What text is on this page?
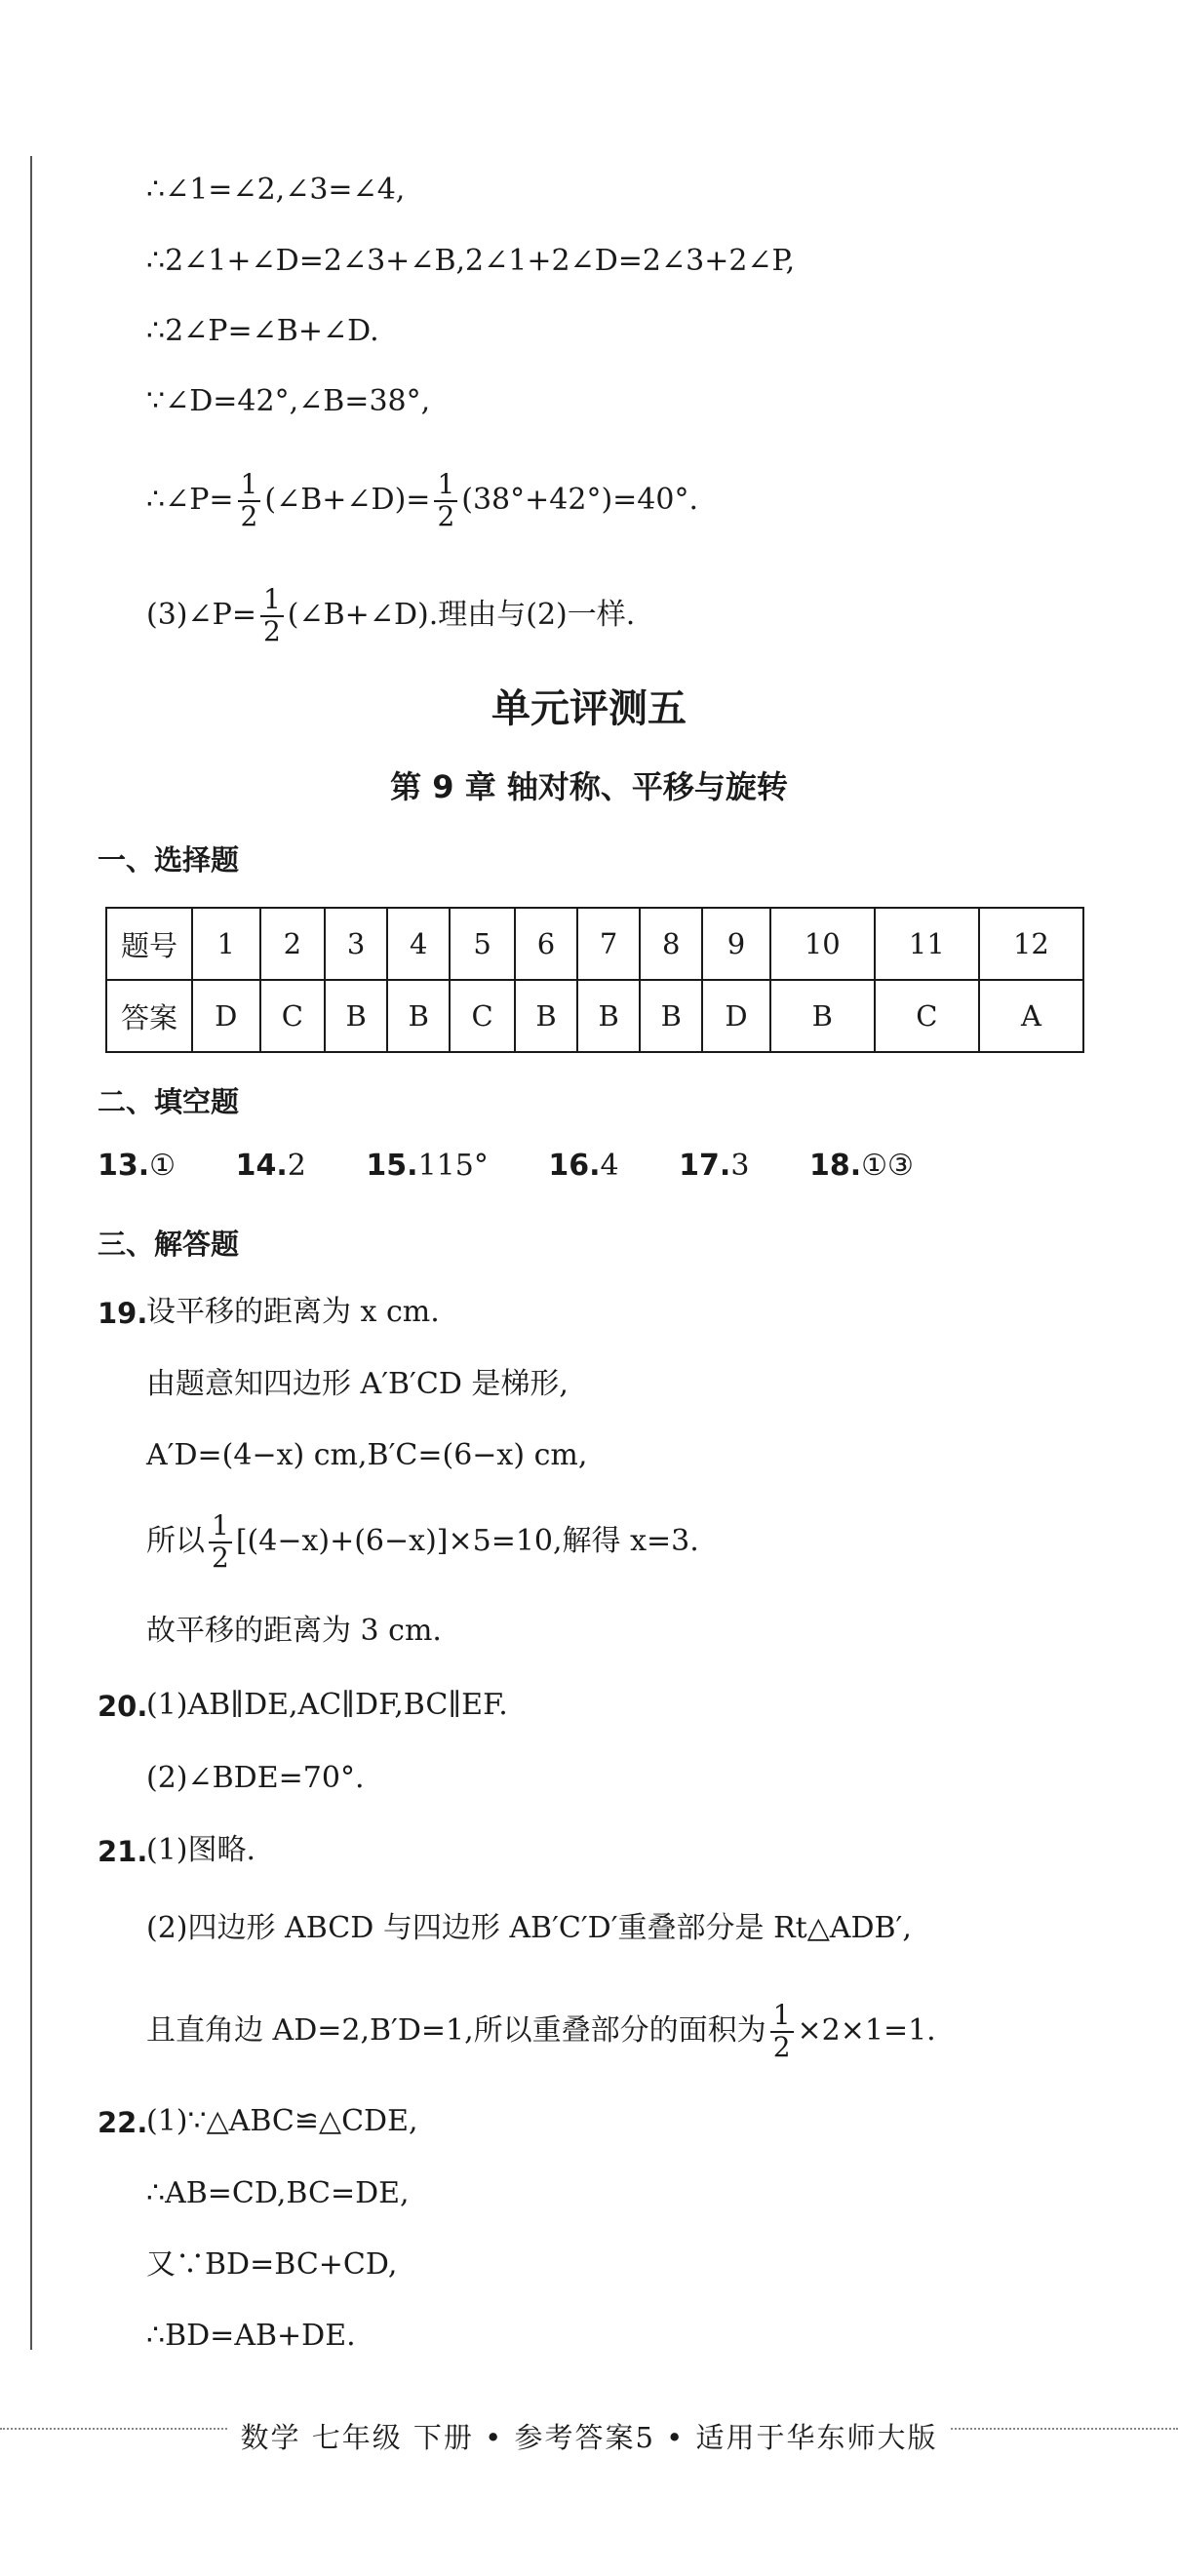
∴∠1=∠2,∠3=∠4,
∴2∠1+∠D=2∠3+∠B,2∠1+2∠D=2∠3+2∠P,
∴2∠P=∠B+∠D.
∵∠D=42°,∠B=38°,
∴∠P= $\frac{1}{2}$ (∠B+∠D)= $\frac{1}{2} (38^\circ+42^\circ)=40^\circ$.
(3)∠P= $\frac{1}{2}$ (∠B+∠D).理由与(2)一样.
单元评测五
第 9 章 轴对称、平移与旋转
一、选择题
题号	1	2	3	4	5	6	7	8	9	10	11	12
答案	D	C	B	B	C	B	B	B	D	B	C	A
二、填空题
13.① 14.2 15.115° 16.4 17.3 18.①③
三、解答题
19.
设平移的距离为 x cm.
由题意知四边形 A′B′CD 是梯形,
A′D=(4−x) cm,B′C=(6−x) cm,
所以 $\frac{1}{2} [(4-x)+(6-x)]\times 5=10$,解得 x=3.
故平移的距离为 3 cm.
20.
(1)AB∥DE,AC∥DF,BC∥EF.
(2)∠BDE=70°.
21.
(1)图略.
(2)四边形 ABCD 与四边形 AB′C′D′重叠部分是 Rt△ADB′,
且直角边 AD=2,B′D=1,所以重叠部分的面积为 $\frac{1}{2} \times 2\times 1=1$.
22.
(1)∵△ABC≌△CDE,
∴AB=CD,BC=DE,
又∵BD=BC+CD,
∴BD=AB+DE.
数学 七年级 下册 • 参考答案5 • 适用于华东师大版
